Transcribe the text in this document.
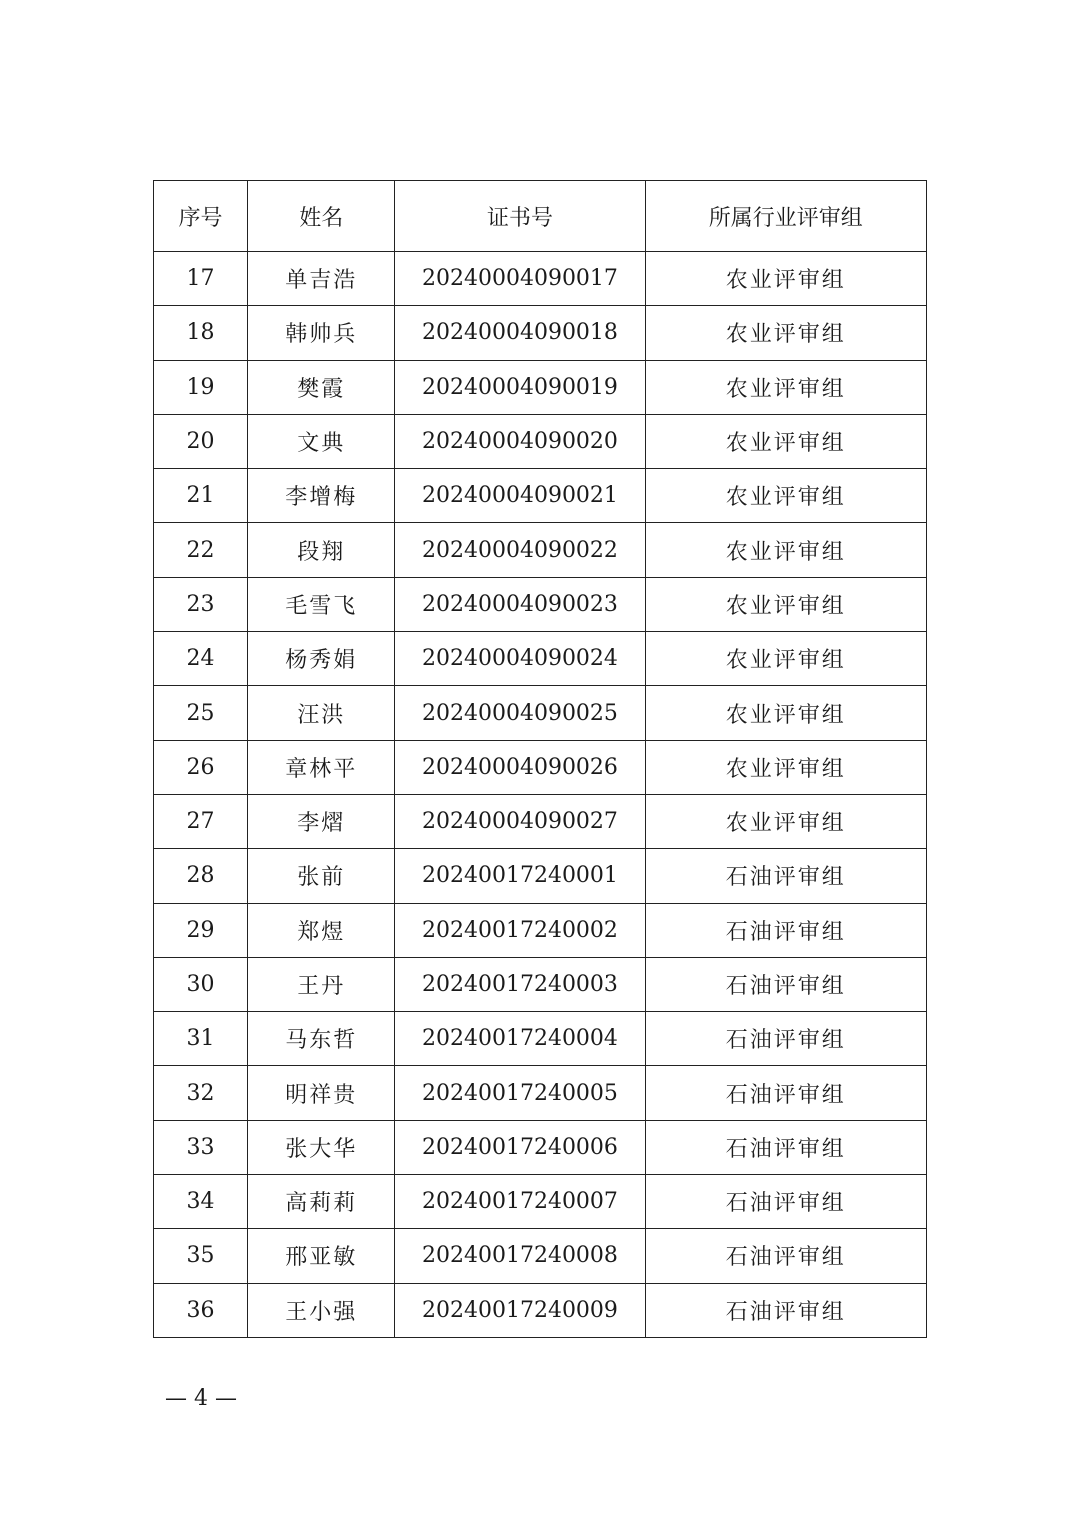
序号	姓名	证书号	所属行业评审组
17	单吉浩	20240004090017	农业评审组
18	韩帅兵	20240004090018	农业评审组
19	樊霞	20240004090019	农业评审组
20	文典	20240004090020	农业评审组
21	李增梅	20240004090021	农业评审组
22	段翔	20240004090022	农业评审组
23	毛雪飞	20240004090023	农业评审组
24	杨秀娟	20240004090024	农业评审组
25	汪洪	20240004090025	农业评审组
26	章林平	20240004090026	农业评审组
27	李熠	20240004090027	农业评审组
28	张前	20240017240001	石油评审组
29	郑煜	20240017240002	石油评审组
30	王丹	20240017240003	石油评审组
31	马东哲	20240017240004	石油评审组
32	明祥贵	20240017240005	石油评审组
33	张大华	20240017240006	石油评审组
34	高莉莉	20240017240007	石油评审组
35	邢亚敏	20240017240008	石油评审组
36	王小强	20240017240009	石油评审组
— 4 —
